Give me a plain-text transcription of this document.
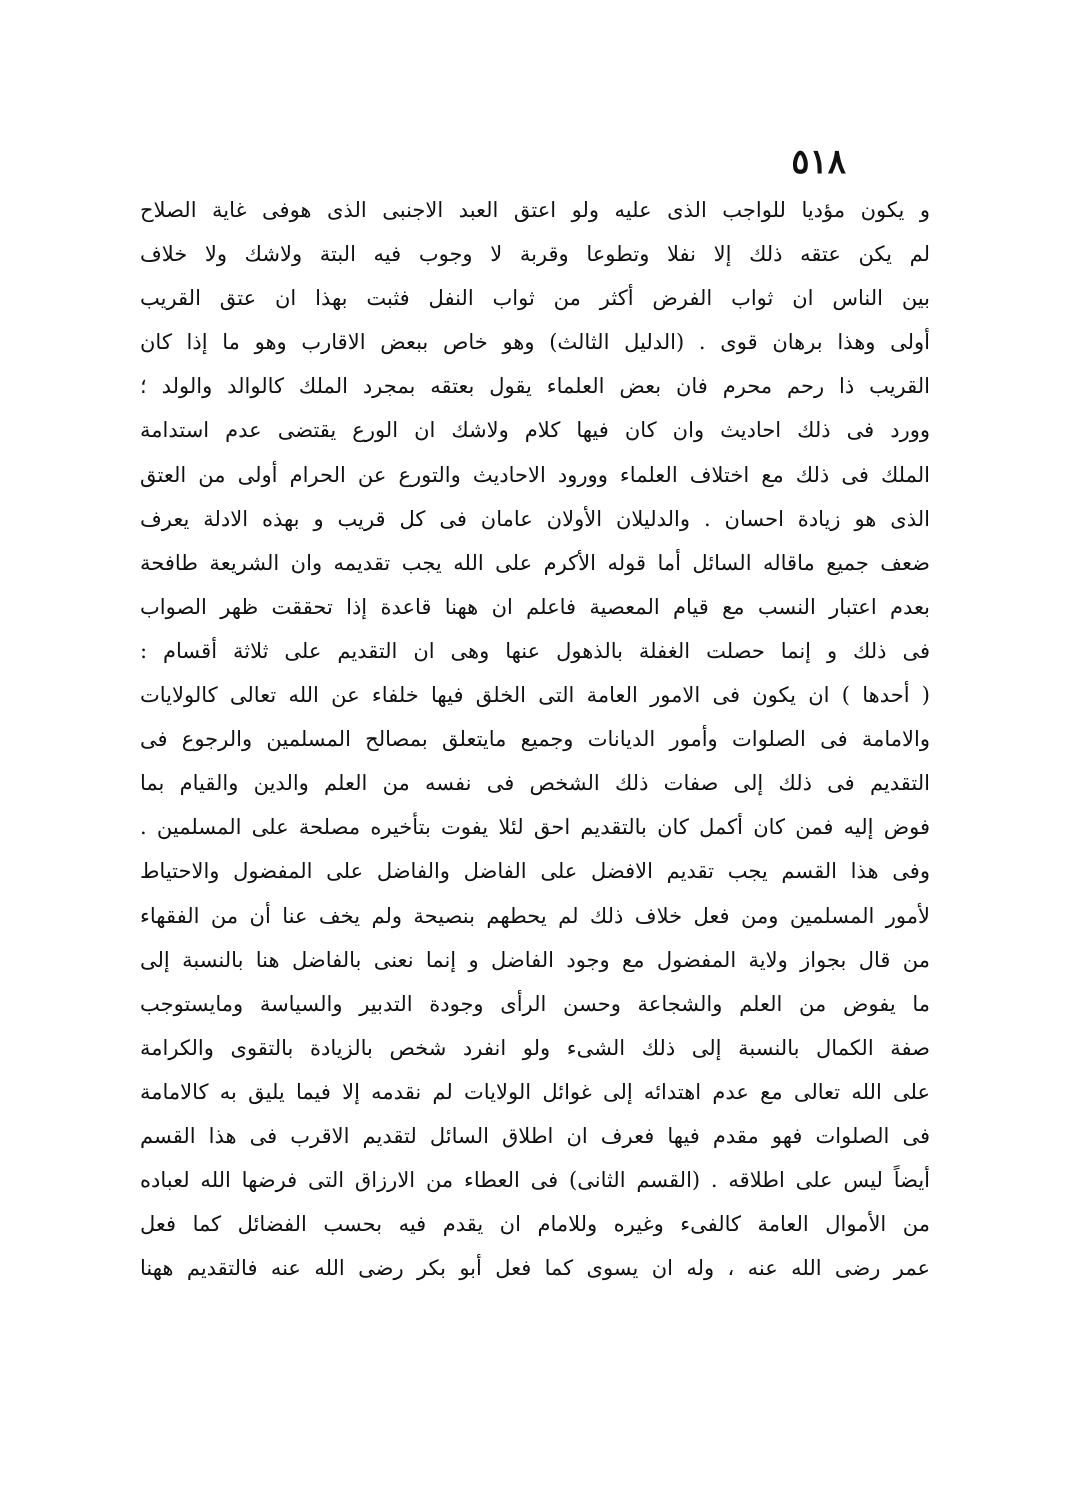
٥١٨
و يكون مؤديا للواجب الذى عليه ولو اعتق العبد الاجنبى الذى هوفى غاية الصلاح
لم يكن عتقه ذلك إلا نفلا وتطوعا وقربة لا وجوب فيه البتة ولاشك ولا خلاف
بين الناس ان ثواب الفرض أكثر من ثواب النفل فثبت بهذا ان عتق القريب
أولى وهذا برهان قوى . (الدليل الثالث) وهو خاص ببعض الاقارب وهو ما إذا كان
القريب ذا رحم محرم فان بعض العلماء يقول بعتقه بمجرد الملك كالوالد والولد ؛
وورد فى ذلك احاديث وان كان فيها كلام ولاشك ان الورع يقتضى عدم استدامة
الملك فى ذلك مع اختلاف العلماء وورود الاحاديث والتورع عن الحرام أولى من العتق
الذى هو زيادة احسان . والدليلان الأولان عامان فى كل قريب و بهذه الادلة يعرف
ضعف جميع ماقاله السائل أما قوله الأكرم على الله يجب تقديمه وان الشريعة طافحة
بعدم اعتبار النسب مع قيام المعصية فاعلم ان ههنا قاعدة إذا تحققت ظهر الصواب
فى ذلك و إنما حصلت الغفلة بالذهول عنها وهى ان التقديم على ثلاثة أقسام :
( أحدها ) ان يكون فى الامور العامة التى الخلق فيها خلفاء عن الله تعالى كالولايات
والامامة فى الصلوات وأمور الديانات وجميع مايتعلق بمصالح المسلمين والرجوع فى
التقديم فى ذلك إلى صفات ذلك الشخص فى نفسه من العلم والدين والقيام بما
فوض إليه فمن كان أكمل كان بالتقديم احق لئلا يفوت بتأخيره مصلحة على المسلمين .
وفى هذا القسم يجب تقديم الافضل على الفاضل والفاضل على المفضول والاحتياط
لأمور المسلمين ومن فعل خلاف ذلك لم يحطهم بنصيحة ولم يخف عنا أن من الفقهاء
من قال بجواز ولاية المفضول مع وجود الفاضل و إنما نعنى بالفاضل هنا بالنسبة إلى
ما يفوض من العلم والشجاعة وحسن الرأى وجودة التدبير والسياسة ومايستوجب
صفة الكمال بالنسبة إلى ذلك الشىء ولو انفرد شخص بالزيادة بالتقوى والكرامة
على الله تعالى مع عدم اهتدائه إلى غوائل الولايات لم نقدمه إلا فيما يليق به كالامامة
فى الصلوات فهو مقدم فيها فعرف ان اطلاق السائل لتقديم الاقرب فى هذا القسم
أيضاً ليس على اطلاقه . (القسم الثانى) فى العطاء من الارزاق التى فرضها الله لعباده
من الأموال العامة كالفىء وغيره وللامام ان يقدم فيه بحسب الفضائل كما فعل
عمر رضى الله عنه ، وله ان يسوى كما فعل أبو بكر رضى الله عنه فالتقديم ههنا
